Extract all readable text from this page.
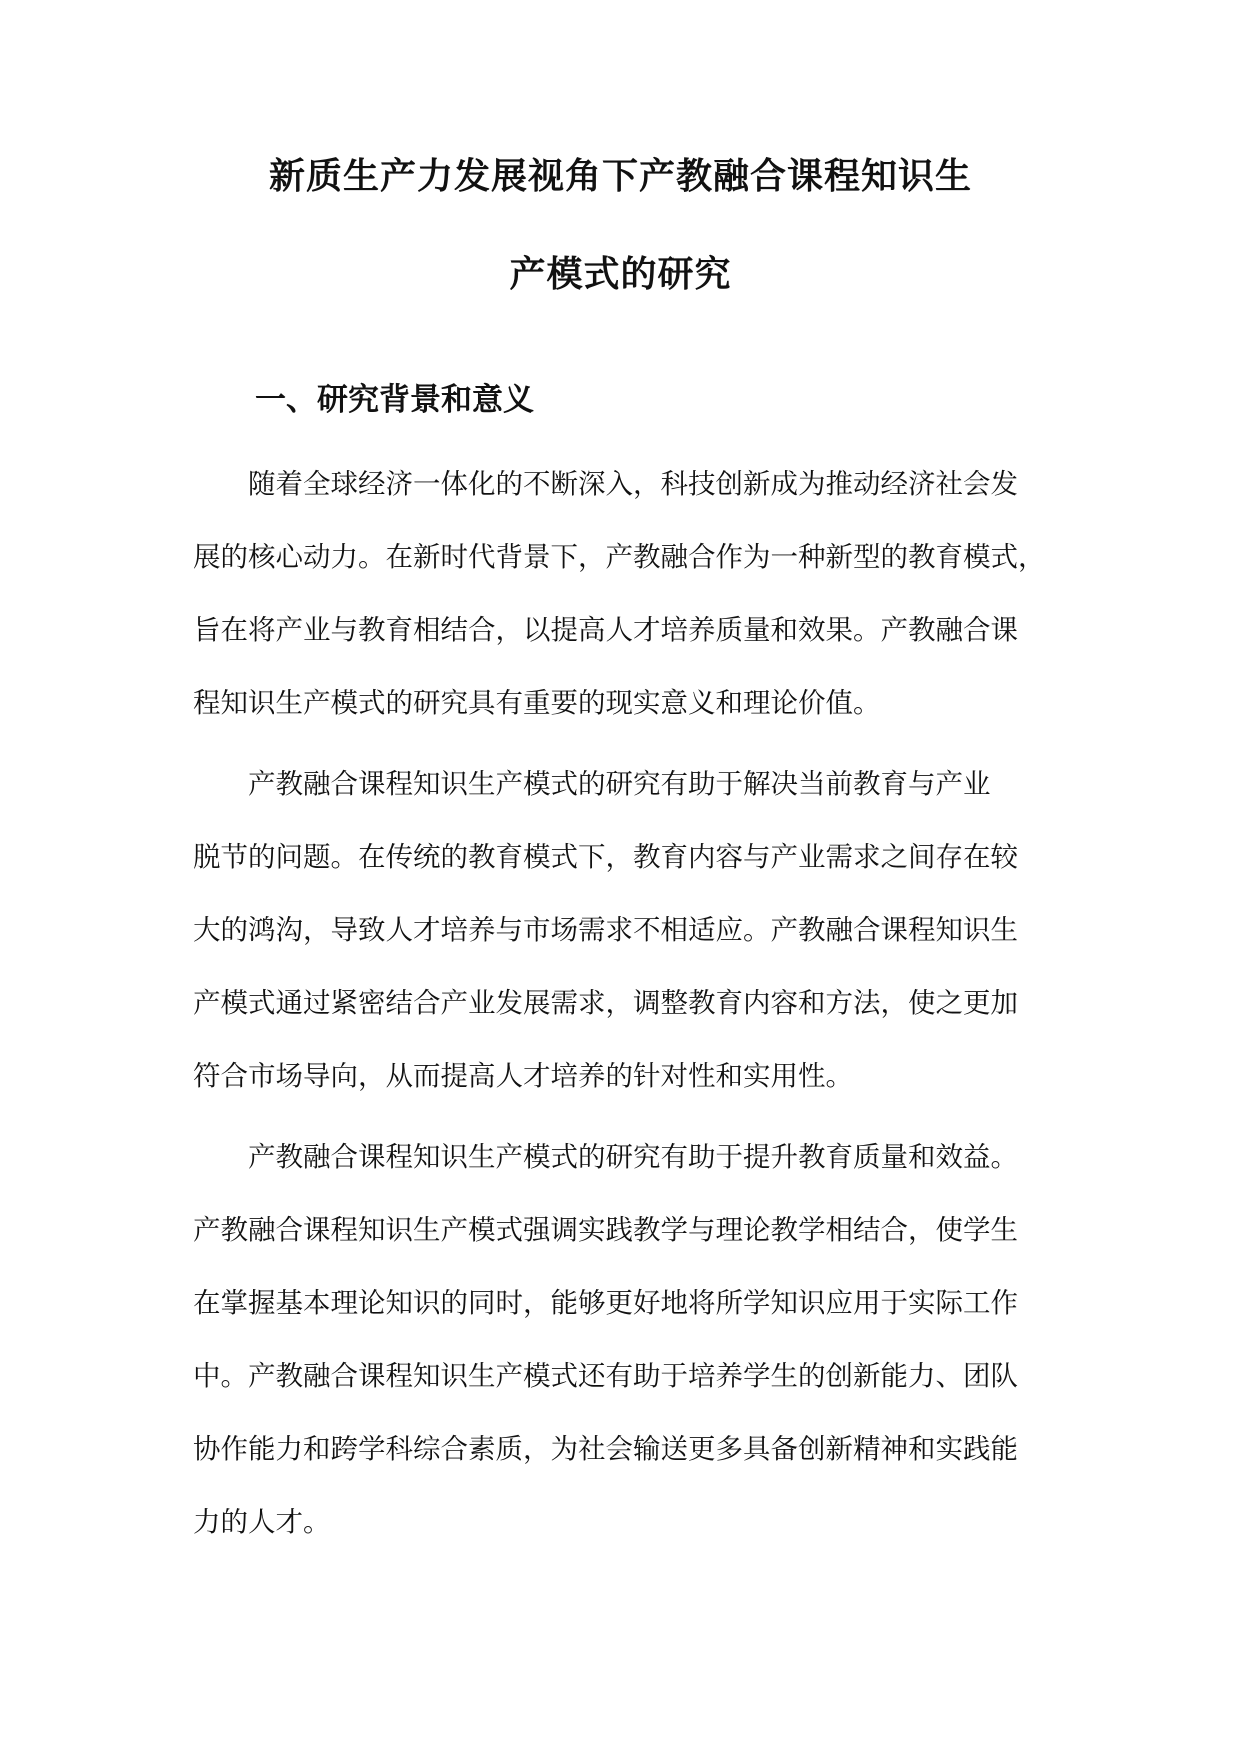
新质生产力发展视角下产教融合课程知识生
产模式的研究
一、研究背景和意义
随着全球经济一体化的不断深入，科技创新成为推动经济社会发
展的核心动力。在新时代背景下，产教融合作为一种新型的教育模式，
旨在将产业与教育相结合，以提高人才培养质量和效果。产教融合课
程知识生产模式的研究具有重要的现实意义和理论价值。
产教融合课程知识生产模式的研究有助于解决当前教育与产业
脱节的问题。在传统的教育模式下，教育内容与产业需求之间存在较
大的鸿沟，导致人才培养与市场需求不相适应。产教融合课程知识生
产模式通过紧密结合产业发展需求，调整教育内容和方法，使之更加
符合市场导向，从而提高人才培养的针对性和实用性。
产教融合课程知识生产模式的研究有助于提升教育质量和效益。
产教融合课程知识生产模式强调实践教学与理论教学相结合，使学生
在掌握基本理论知识的同时，能够更好地将所学知识应用于实际工作
中。产教融合课程知识生产模式还有助于培养学生的创新能力、团队
协作能力和跨学科综合素质，为社会输送更多具备创新精神和实践能
力的人才。
